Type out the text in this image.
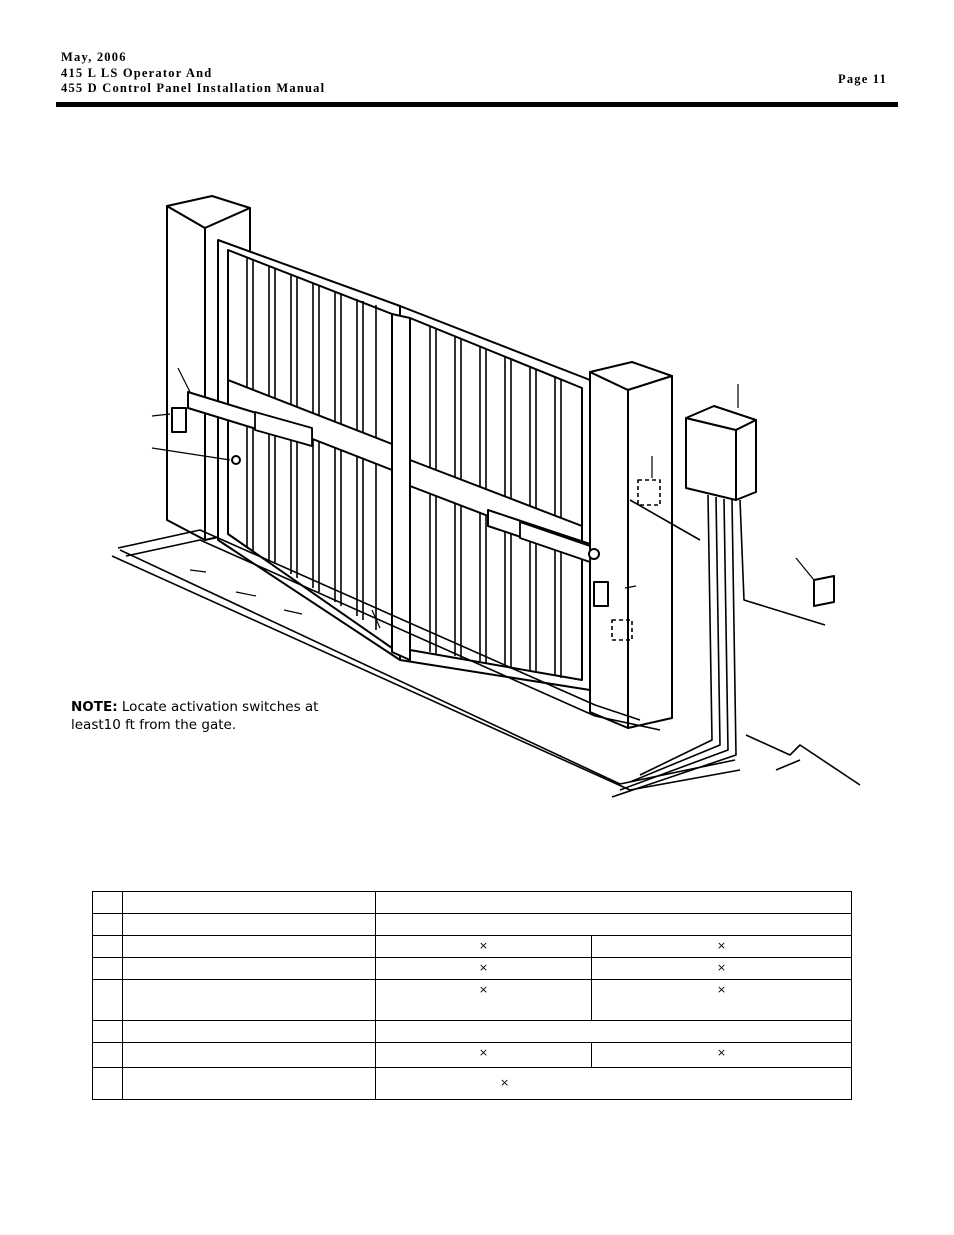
May, 2006
415 L LS Operator And
455 D Control Panel Installation Manual
Page 11
NOTE: Locate activation switches at
least10 ft from the gate.

		×	×
		×	×
		×	×

		×	×
		×	
